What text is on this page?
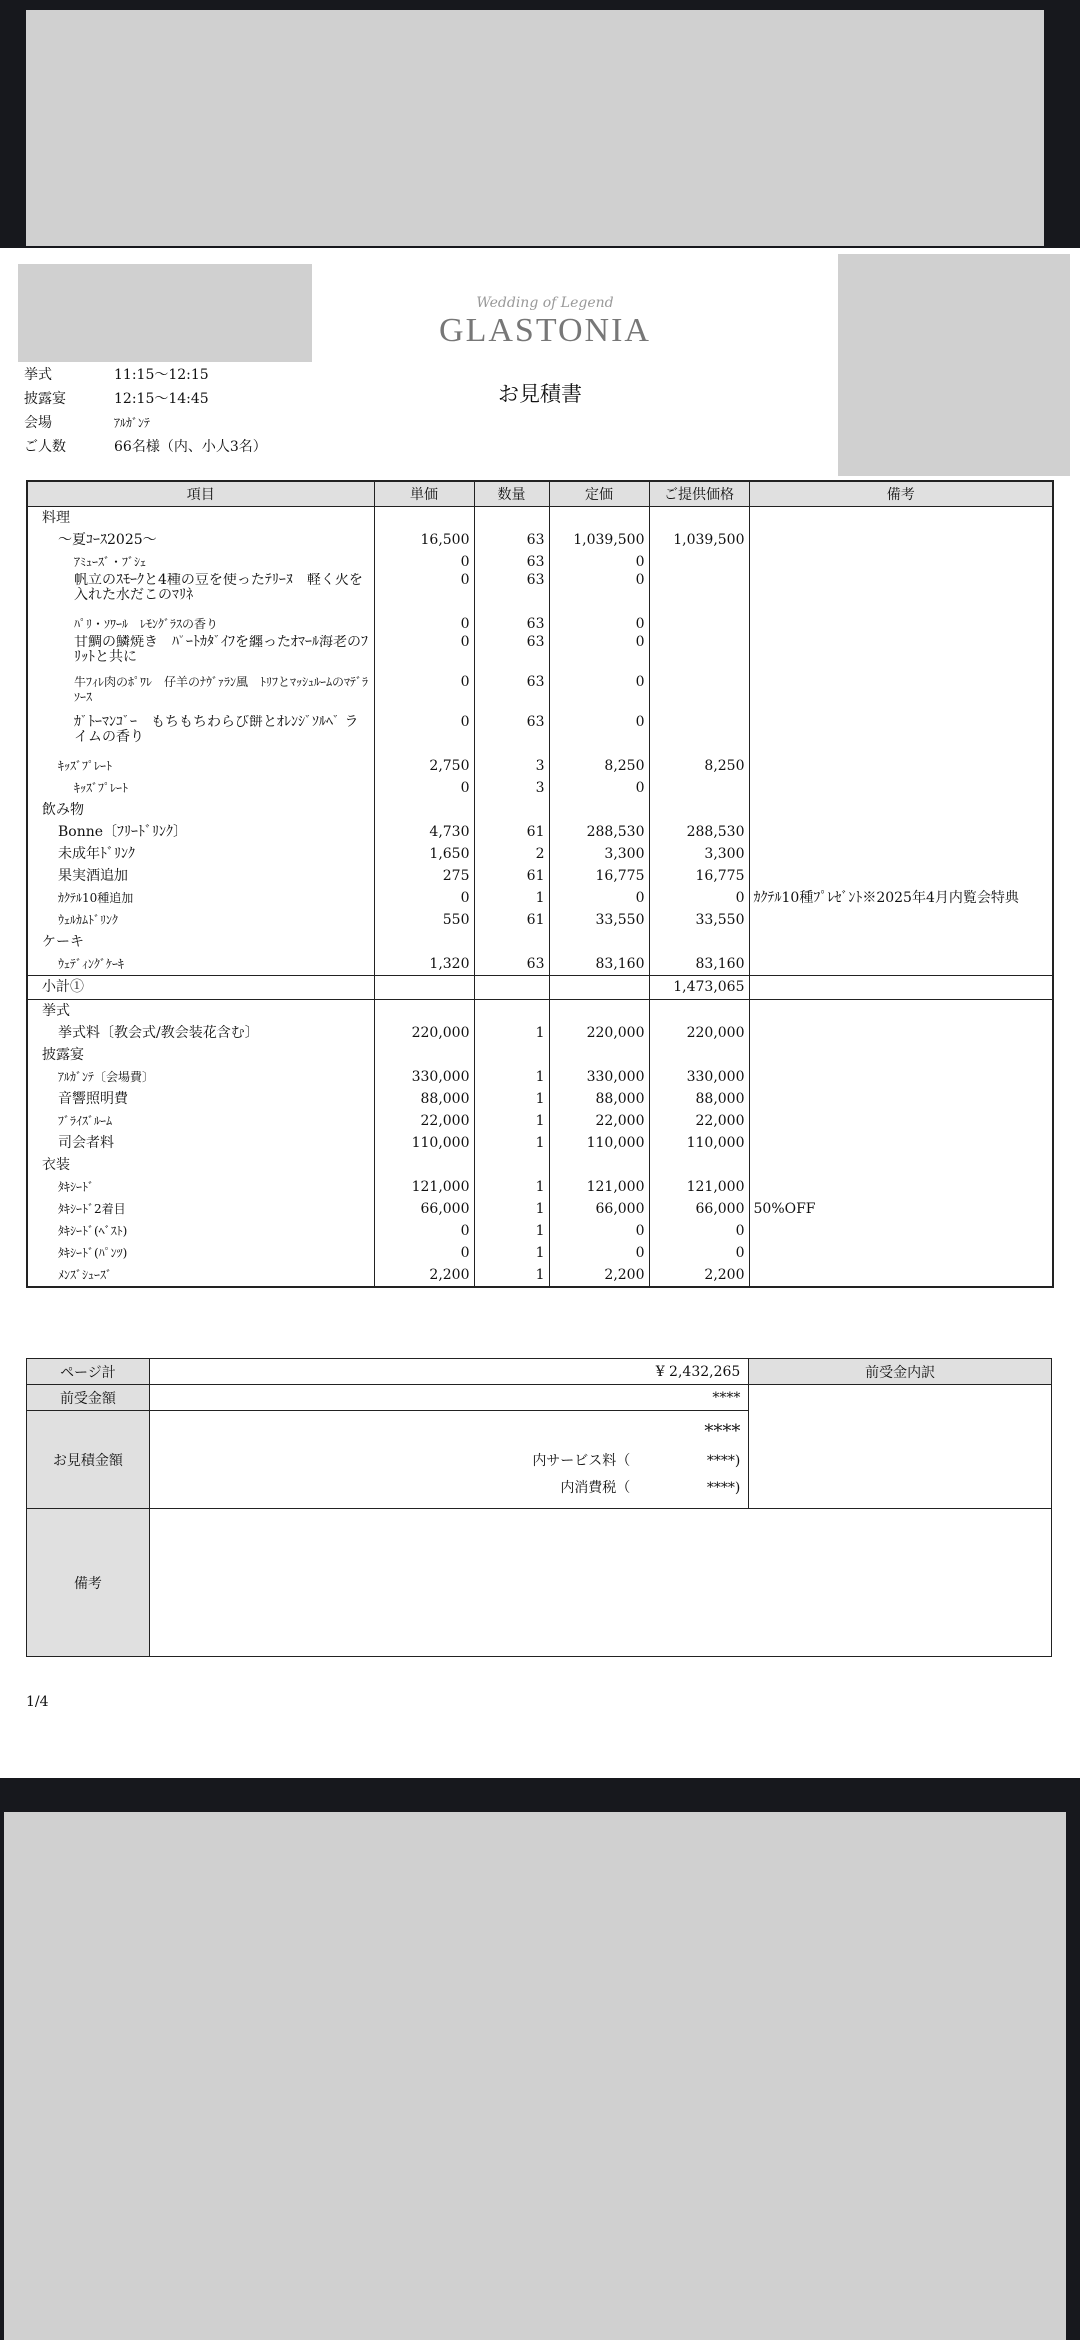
Wedding of Legend
GLASTONIA
お見積書
挙式	11:15～12:15
披露宴	12:15～14:45
会場	ｱﾙｶﾞﾝﾃ
ご人数	66名様（内、小人3名）
項目	単価	数量	定価	ご提供価格	備考
料理					
～夏ｺｰｽ2025～	16,500	63	1,039,500	1,039,500	
ｱﾐｭｰｽﾞ・ﾌﾞｼｪ	0	63	0		
帆立のｽﾓｰｸと4種の豆を使ったﾃﾘｰﾇ　軽く火を入れた水だこのﾏﾘﾈ	0	63	0		
ﾊﾟﾘ・ｿﾜｰﾙ　ﾚﾓﾝｸﾞﾗｽの香り	0	63	0		
甘鯛の鱗焼き　ﾊﾟｰﾄｶﾀﾞｲﾌを纏ったｵﾏｰﾙ海老のﾌﾘｯﾄと共に	0	63	0		
牛ﾌｨﾚ肉のﾎﾟﾜﾚ　仔羊のﾅｳﾞｧﾗﾝ風　ﾄﾘﾌとﾏｯｼｭﾙｰﾑのﾏﾃﾞﾗｿｰｽ	0	63	0		
ｶﾞﾄｰﾏﾝｺﾞｰ　もちもちわらび餅とｵﾚﾝｼﾞｿﾙﾍﾞ ライムの香り	0	63	0		
ｷｯｽﾞﾌﾟﾚｰﾄ	2,750	3	8,250	8,250	
ｷｯｽﾞﾌﾟﾚｰﾄ	0	3	0		
飲み物					
Bonne〔ﾌﾘｰﾄﾞﾘﾝｸ〕	4,730	61	288,530	288,530	
未成年ﾄﾞﾘﾝｸ	1,650	2	3,300	3,300	
果実酒追加	275	61	16,775	16,775	
ｶｸﾃﾙ10種追加	0	1	0	0	ｶｸﾃﾙ10種ﾌﾟﾚｾﾞﾝﾄ※2025年4月内覧会特典
ｳｪﾙｶﾑﾄﾞﾘﾝｸ	550	61	33,550	33,550	
ケーキ					
ｳｪﾃﾞｨﾝｸﾞｹｰｷ	1,320	63	83,160	83,160	
小計①				1,473,065	
挙式					
挙式料〔教会式/教会装花含む〕	220,000	1	220,000	220,000	
披露宴					
ｱﾙｶﾞﾝﾃ〔会場費〕	330,000	1	330,000	330,000	
音響照明費	88,000	1	88,000	88,000	
ﾌﾞﾗｲｽﾞﾙｰﾑ	22,000	1	22,000	22,000	
司会者料	110,000	1	110,000	110,000	
衣装					
ﾀｷｼｰﾄﾞ	121,000	1	121,000	121,000	
ﾀｷｼｰﾄﾞ2着目	66,000	1	66,000	66,000	50%OFF
ﾀｷｼｰﾄﾞ(ﾍﾞｽﾄ)	0	1	0	0	
ﾀｷｼｰﾄﾞ(ﾊﾟﾝﾂ)	0	1	0	0	
ﾒﾝｽﾞｼｭｰｽﾞ	2,200	1	2,200	2,200	
ページ計	¥ 2,432,265	前受金内訳
前受金額	****	
お見積金額	****
内サービス料（ ****)
内消費税（ ****)	

備考		
1/4
